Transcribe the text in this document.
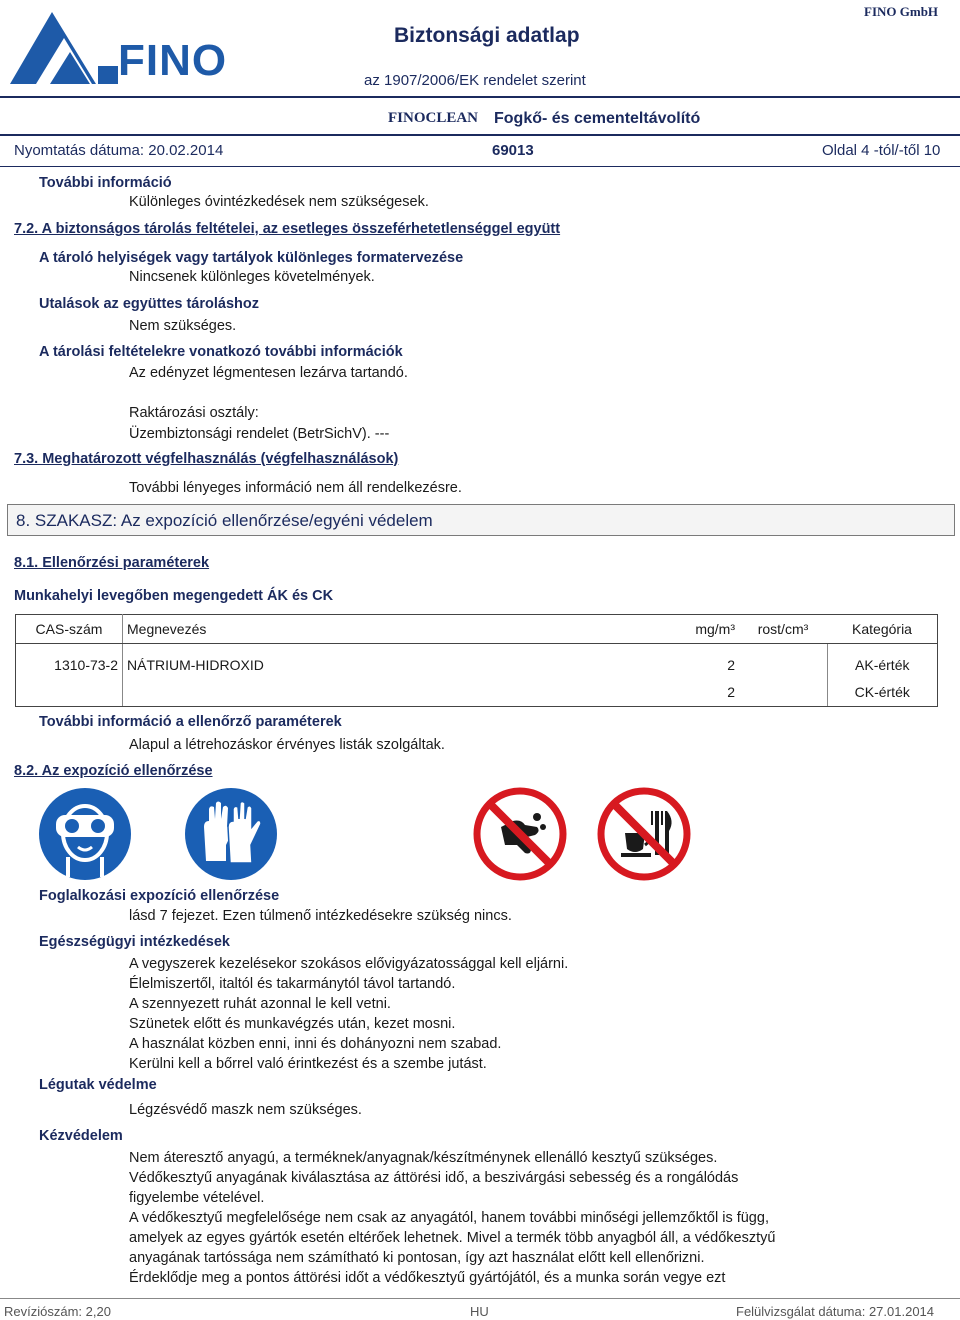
FINO
Biztonsági adatlap
az 1907/2006/EK rendelet szerint
FINO GmbH
FINOCLEAN Fogkő- és cementeltávolító
Nyomtatás dátuma: 20.02.2014	69013	Oldal 4 -tól/-től 10
További információ
Különleges óvintézkedések nem szükségesek.
7.2. A biztonságos tárolás feltételei, az esetleges összeférhetetlenséggel együtt
A tároló helyiségek vagy tartályok különleges formatervezése
Nincsenek különleges követelmények.
Utalások az együttes tároláshoz
Nem szükséges.
A tárolási feltételekre vonatkozó további információk
Az edényzet légmentesen lezárva tartandó.
Raktározási osztály:
Üzembiztonsági rendelet (BetrSichV). ---
7.3. Meghatározott végfelhasználás (végfelhasználások)
További lényeges információ nem áll rendelkezésre.
8. SZAKASZ: Az expozíció ellenőrzése/egyéni védelem
8.1. Ellenőrzési paraméterek
Munkahelyi levegőben megengedett ÁK és CK
CAS-szám	Megnevezés	mg/m³	rost/cm³	Kategória

1310-73-2	NÁTRIUM-HIDROXID	2		AK-érték
		2		CK-érték
További információ a ellenőrző paraméterek
Alapul a létrehozáskor érvényes listák szolgáltak.
8.2. Az expozíció ellenőrzése
Foglalkozási expozíció ellenőrzése
lásd 7 fejezet. Ezen túlmenő intézkedésekre szükség nincs.
Egészségügyi intézkedések
A vegyszerek kezelésekor szokásos elővigyázatossággal kell eljárni.
Élelmiszertől, italtól és takarmánytól távol tartandó.
A szennyezett ruhát azonnal le kell vetni.
Szünetek előtt és munkavégzés után, kezet mosni.
A használat közben enni, inni és dohányozni nem szabad.
Kerülni kell a bőrrel való érintkezést és a szembe jutást.
Légutak védelme
Légzésvédő maszk nem szükséges.
Kézvédelem
Nem áteresztő anyagú, a terméknek/anyagnak/készítménynek ellenálló kesztyű szükséges.
Védőkesztyű anyagának kiválasztása az áttörési idő, a beszivárgási sebesség és a rongálódás
figyelembe vételével.
A védőkesztyű megfelelősége nem csak az anyagától, hanem további minőségi jellemzőktől is függ,
amelyek az egyes gyártók esetén eltérőek lehetnek. Mivel a termék több anyagból áll, a védőkesztyű
anyagának tartóssága nem számítható ki pontosan, így azt használat előtt kell ellenőrizni.
Érdeklődje meg a pontos áttörési időt a védőkesztyű gyártójától, és a munka során vegye ezt
Revíziószám: 2,20	HU	Felülvizsgálat dátuma: 27.01.2014
